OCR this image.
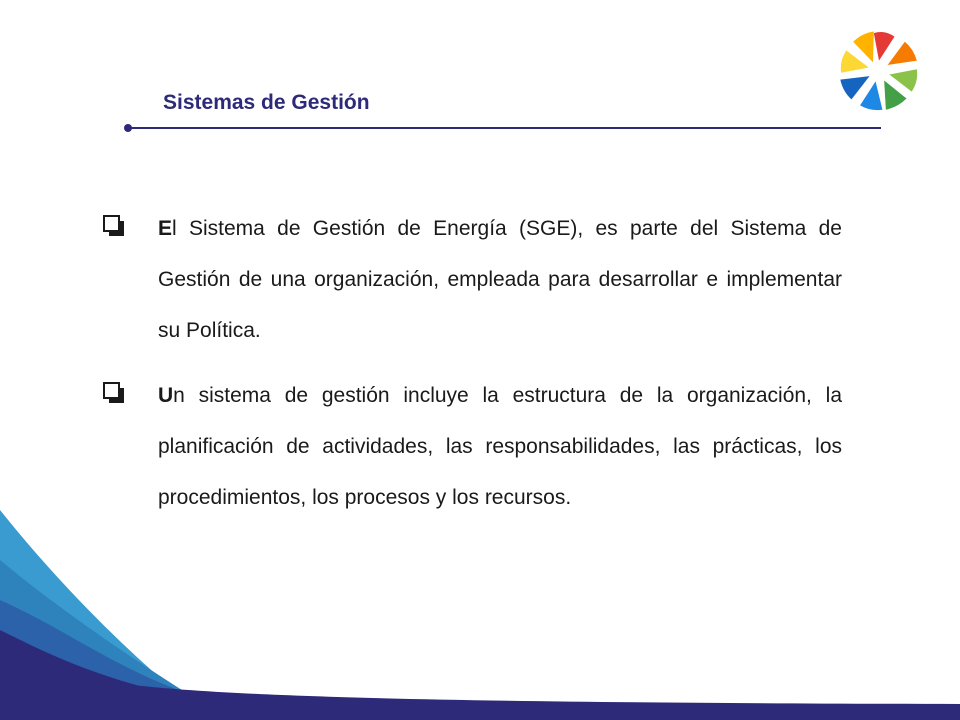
Sistemas de Gestión

El Sistema de Gestión de Energía (SGE), es parte del Sistema de Gestión de una organización, empleada para desarrollar e implementar su Política.

Un sistema de gestión incluye la estructura de la organización, la planificación de actividades, las responsabilidades, las prácticas, los procedimientos, los procesos y los recursos.
